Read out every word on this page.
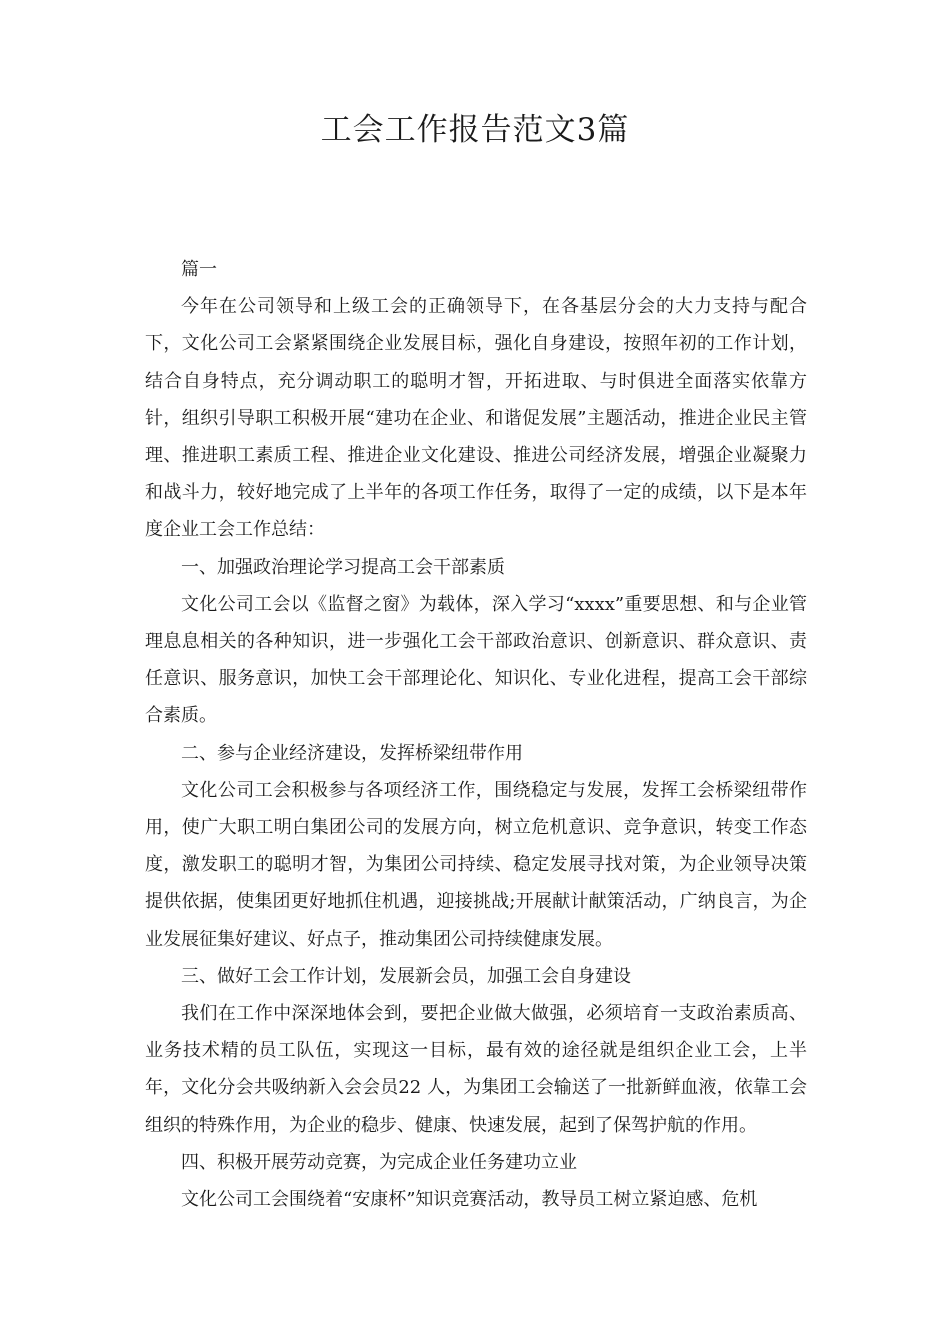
工会工作报告范文3篇

篇一

今年在公司领导和上级工会的正确领导下，在各基层分会的大力支持与配合下，文化公司工会紧紧围绕企业发展目标，强化自身建设，按照年初的工作计划，结合自身特点，充分调动职工的聪明才智，开拓进取、与时俱进全面落实依靠方针，组织引导职工积极开展“建功在企业、和谐促发展”主题活动，推进企业民主管理、推进职工素质工程、推进企业文化建设、推进公司经济发展，增强企业凝聚力和战斗力，较好地完成了上半年的各项工作任务，取得了一定的成绩，以下是本年度企业工会工作总结：

一、加强政治理论学习提高工会干部素质

文化公司工会以《监督之窗》为载体，深入学习“xxxx”重要思想、和与企业管理息息相关的各种知识，进一步强化工会干部政治意识、创新意识、群众意识、责任意识、服务意识，加快工会干部理论化、知识化、专业化进程，提高工会干部综合素质。

二、参与企业经济建设，发挥桥梁纽带作用

文化公司工会积极参与各项经济工作，围绕稳定与发展，发挥工会桥梁纽带作用，使广大职工明白集团公司的发展方向，树立危机意识、竞争意识，转变工作态度，激发职工的聪明才智，为集团公司持续、稳定发展寻找对策，为企业领导决策提供依据，使集团更好地抓住机遇，迎接挑战;开展献计献策活动，广纳良言，为企业发展征集好建议、好点子，推动集团公司持续健康发展。

三、做好工会工作计划，发展新会员，加强工会自身建设

我们在工作中深深地体会到，要把企业做大做强，必须培育一支政治素质高、业务技术精的员工队伍，实现这一目标，最有效的途径就是组织企业工会，上半年，文化分会共吸纳新入会会员22 人，为集团工会输送了一批新鲜血液，依靠工会组织的特殊作用，为企业的稳步、健康、快速发展，起到了保驾护航的作用。

四、积极开展劳动竞赛，为完成企业任务建功立业

文化公司工会围绕着“安康杯”知识竞赛活动，教导员工树立紧迫感、危机
